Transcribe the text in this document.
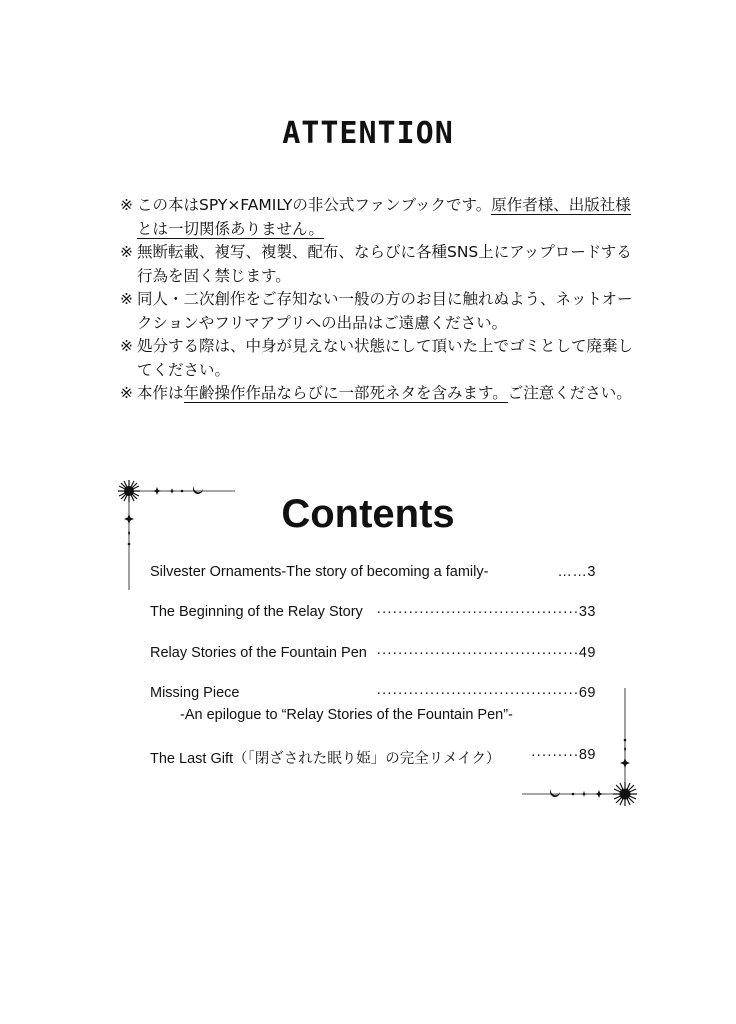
ATTENTION
※ この本はSPY×FAMILYの非公式ファンブックです。原作者様、出版社様とは一切関係ありません。
※ 無断転載、複写、複製、配布、ならびに各種SNS上にアップロードする行為を固く禁じます。
※ 同人・二次創作をご存知ない一般の方のお目に触れぬよう、ネットオークションやフリマアプリへの出品はご遠慮ください。
※ 処分する際は、中身が見えない状態にして頂いた上でゴミとして廃棄してください。
※ 本作は年齢操作作品ならびに一部死ネタを含みます。ご注意ください。
Contents
Silvester Ornaments-The story of becoming a family-	……3
The Beginning of the Relay Story ······································33
Relay Stories of the Fountain Pen ······································49
Missing Piece
-An epilogue to “Relay Stories of the Fountain Pen”-
······································69
The Last Gift（「閉ざされた眠り姫」の完全リメイク） ·········89
